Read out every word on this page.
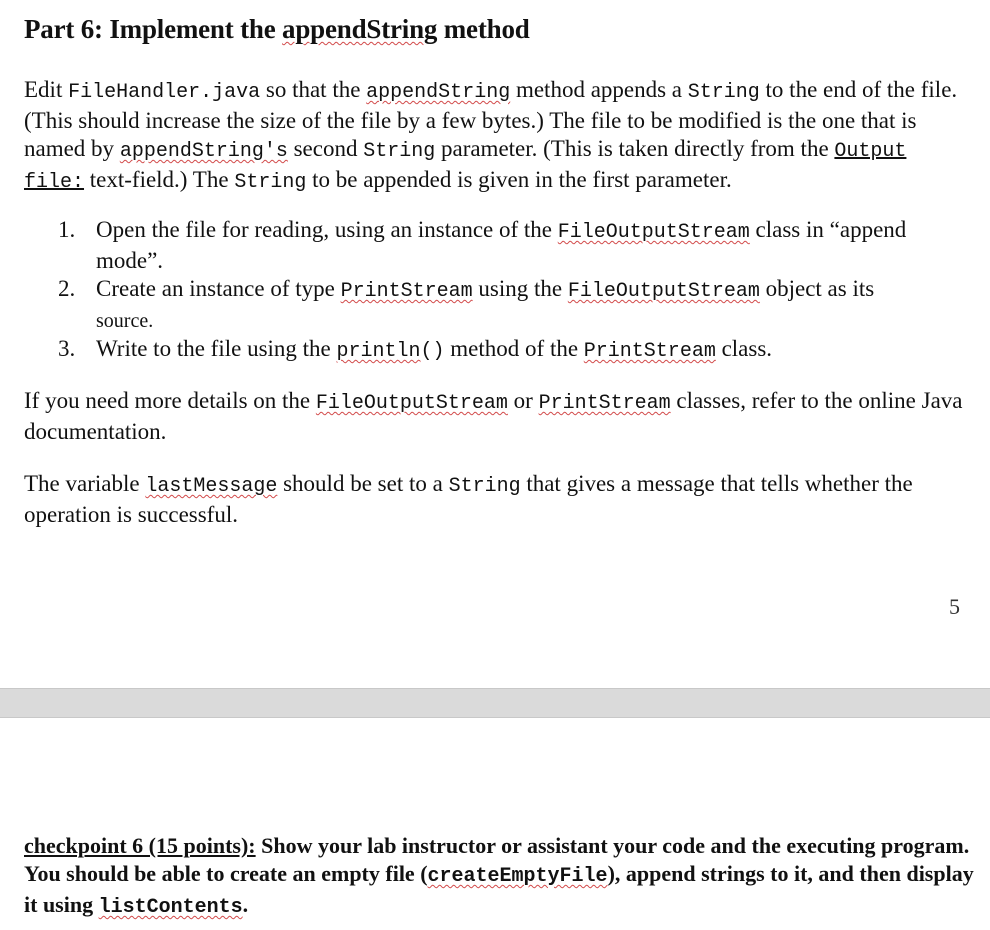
Part 6: Implement the appendString method

Edit FileHandler.java so that the appendString method appends a String to the end of the file. (This should increase the size of the file by a few bytes.) The file to be modified is the one that is named by appendString's second String parameter. (This is taken directly from the Output file: text-field.) The String to be appended is given in the first parameter.

1. Open the file for reading, using an instance of the FileOutputStream class in “append mode”.
2. Create an instance of type PrintStream using the FileOutputStream object as its
source.
3. Write to the file using the println() method of the PrintStream class.

If you need more details on the FileOutputStream or PrintStream classes, refer to the online Java documentation.

The variable lastMessage should be set to a String that gives a message that tells whether the operation is successful.

5

checkpoint 6 (15 points): Show your lab instructor or assistant your code and the executing program. You should be able to create an empty file (createEmptyFile), append strings to it, and then display it using listContents.
